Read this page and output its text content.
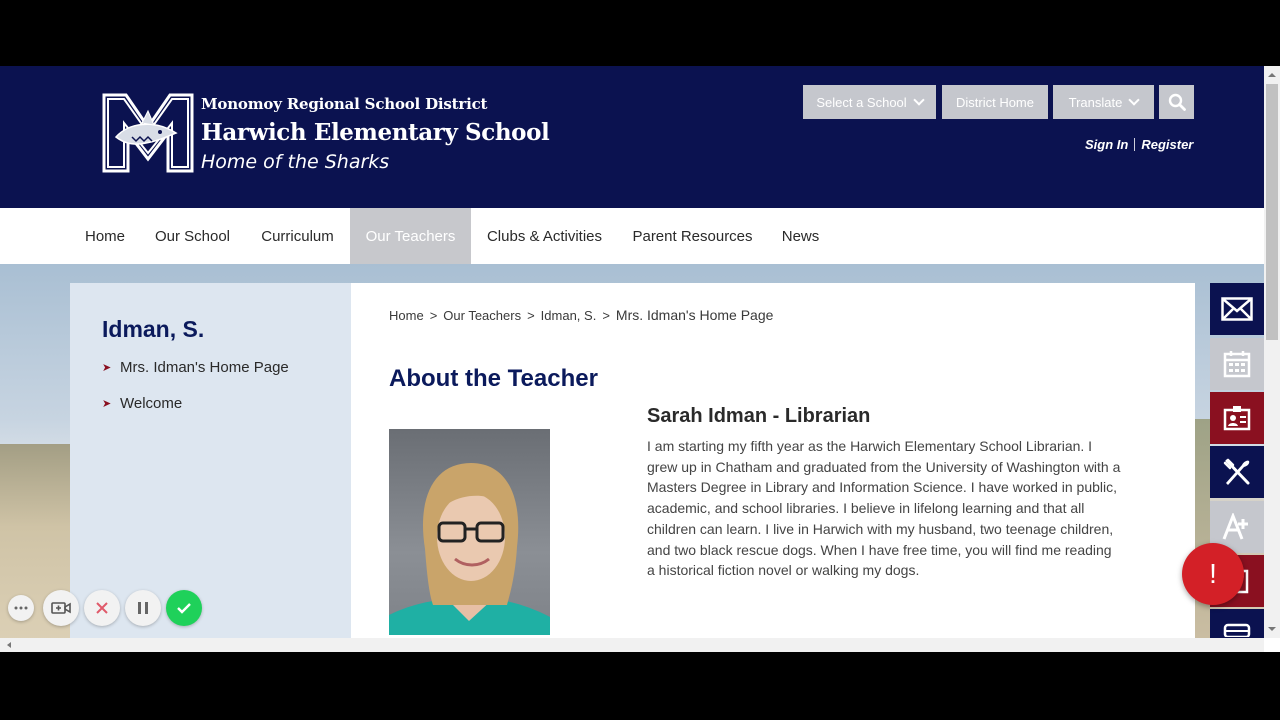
Monomoy Regional School District
Harwich Elementary School
Home of the Sharks
Select a School	District Home	Translate
Sign In Register
Home	Our School	Curriculum	Our Teachers	Clubs & Activities	Parent Resources	News
Idman, S.
➤ Mrs. Idman's Home Page
➤ Welcome
Home > Our Teachers > Idman, S. > Mrs. Idman's Home Page
About the Teacher
Sarah Idman - Librarian
I am starting my fifth year as the Harwich Elementary School Librarian. I grew up in Chatham and graduated from the University of Washington with a Masters Degree in Library and Information Science. I have worked in public, academic, and school libraries. I believe in lifelong learning and that all children can learn. I live in Harwich with my husband, two teenage children, and two black rescue dogs. When I have free time, you will find me reading a historical fiction novel or walking my dogs.	!
